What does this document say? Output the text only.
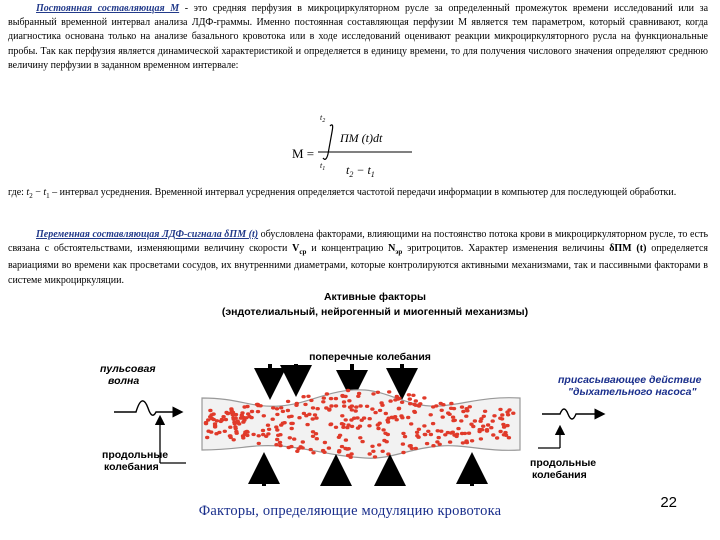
Постоянная составляющая M - это средняя перфузия в микроциркуляторном русле за определенный промежуток времени исследований или за выбранный временной интервал анализа ЛДФ-граммы. Именно постоянная составляющая перфузии M является тем параметром, который сравнивают, когда диагностика основана только на анализе базального кровотока или в ходе исследований оценивают реакции микроциркуляторного русла на функциональные пробы. Так как перфузия является динамической характеристикой и определяется в единицу времени, то для получения числового значения определяют среднюю величину перфузии в заданном временном интервале:
M =
$t_2$
$t_1$
ПМ (t)dt
$t_2 - t_1$
где: $t_2 - t_1$ – интервал усреднения. Временной интервал усреднения определяется частотой передачи информации в компьютер для последующей обработки.
Переменная составляющая ЛДФ-сигнала δПМ (t) обусловлена факторами, влияющими на постоянство потока крови в микроциркуляторном русле, то есть связана с обстоятельствами, изменяющими величину скорости $V_{ср}$ и концентрацию $N_{эр}$ эритроцитов. Характер изменения величины δПМ (t) определяется вариациями во времени как просветами сосудов, их внутренними диаметрами, которые контролируются активными механизмами, так и пассивными факторами в системе микроциркуляции.
Активные факторы
(эндотелиальный, нейрогенный и миогенный механизмы)
поперечные колебания
пульсовая
волна
продольные
колебания
присасывающее действие
"дыхательного насоса"
продольные
колебания
Факторы, определяющие модуляцию кровотока	22
